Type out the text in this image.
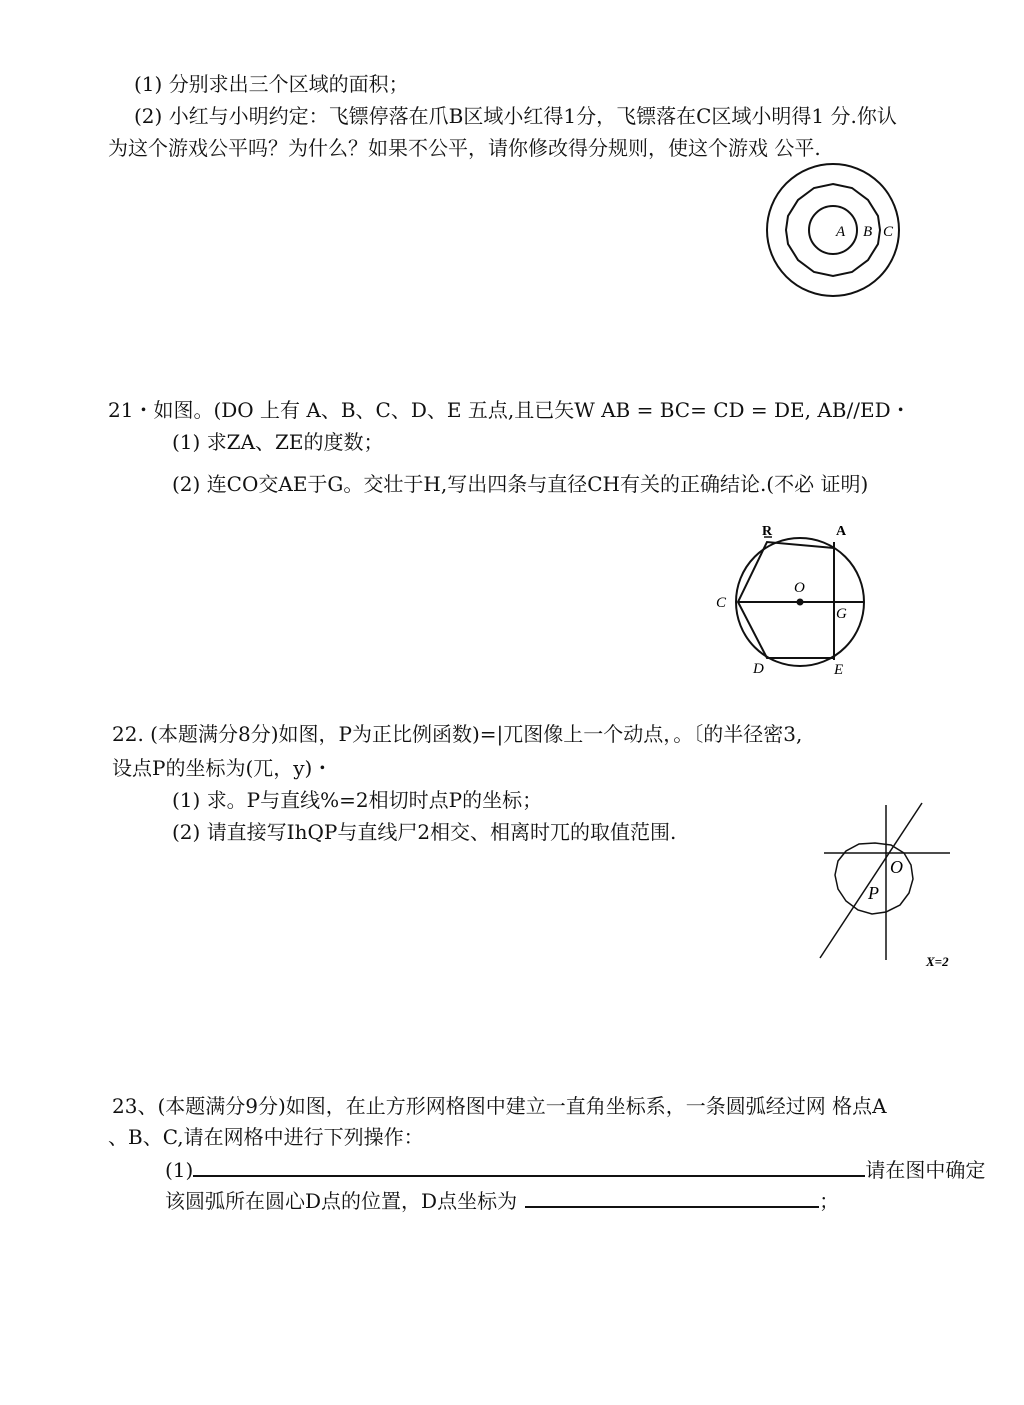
(1) 分别求出三个区域的面积；
(2) 小红与小明约定：飞镖停落在爪B区域小红得1分，飞镖落在C区域小明得1 分.你认
为这个游戏公平吗？为什么？如果不公平，请你修改得分规则，使这个游戏 公平.
A B C
21・如图。(DO 上有 A、B、C、D、E 五点,且已矢W AB = BC= CD = DE, AB//ED・
(1) 求ZA、ZE的度数；
(2) 连CO交AE于G。交壮于H,写出四条与直径CH有关的正确结论.(不必 证明)
R	A
C
O
G
D	E
22. (本题满分8分)如图，P为正比例函数)=|兀图像上一个动点，。〔的半径密3,
设点P的坐标为(兀，y)・
(1) 求。P与直线%=2相切时点P的坐标；
(2) 请直接写IhQP与直线尸2相交、相离时兀的取值范围.
O
P
X=2
23、(本题满分9分)如图，在止方形网格图中建立一直角坐标系，一条圆弧经过网 格点A
、B、C,请在网格中进行下列操作：
(1)	请在图中确定
该圆弧所在圆心D点的位置，D点坐标为	；
